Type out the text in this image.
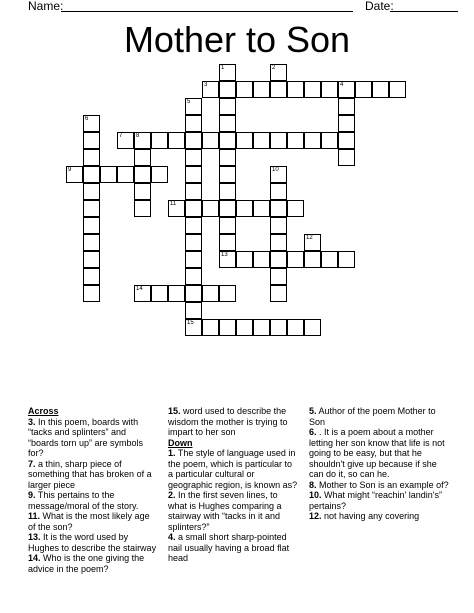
Name:	Date:
Mother to Son
1	2
3	4
5
15
6
7 8
9	10
11
12
13
14
Across
3. In this poem, boards with “tacks and splinters” and “boards torn up” are symbols for?
7. a thin, sharp piece of something that has broken of a larger piece
9. This pertains to the message/moral of the story.
11. What is the most likely age of the son?
13. It is the word used by Hughes to describe the stairway
14. Who is the one giving the advice in the poem?
15. word used to describe the wisdom the mother is trying to impart to her son
Down
1. The style of language used in the poem, which is particular to a particular cultural or geographic region, is known as?
2. In the first seven lines, to what is Hughes comparing a stairway with “tacks in it and splinters?”
4. a small short sharp-pointed nail usually having a broad flat head
5. Author of the poem Mother to Son
6. . It is a poem about a mother letting her son know that life is not going to be easy, but that he shouldn't give up because if she can do it, so can he.
8. Mother to Son is an example of?
10. What might “reachin' landin's” pertains?
12. not having any covering
